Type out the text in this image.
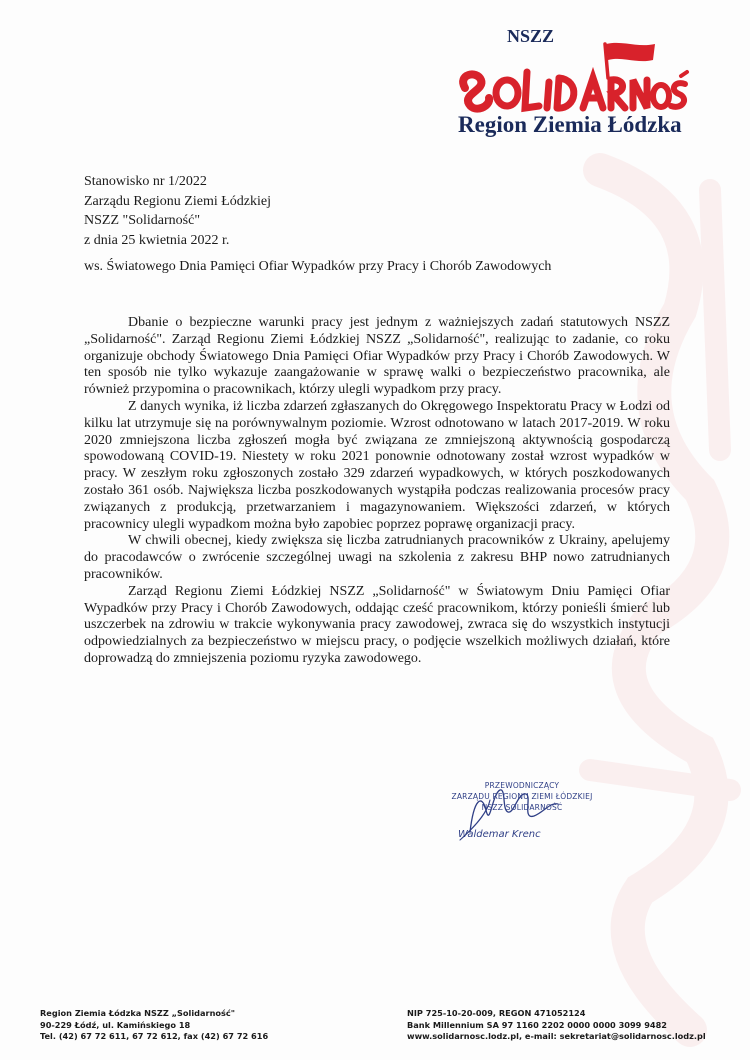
NSZZ
Region Ziemia Łódzka
Stanowisko nr 1/2022
Zarządu Regionu Ziemi Łódzkiej
NSZZ "Solidarność"
z dnia 25 kwietnia 2022 r.
ws. Światowego Dnia Pamięci Ofiar Wypadków przy Pracy i Chorób Zawodowych

Dbanie o bezpieczne warunki pracy jest jednym z ważniejszych zadań statutowych NSZZ „Solidarność". Zarząd Regionu Ziemi Łódzkiej NSZZ „Solidarność", realizując to zadanie, co roku organizuje obchody Światowego Dnia Pamięci Ofiar Wypadków przy Pracy i Chorób Zawodowych. W ten sposób nie tylko wykazuje zaangażowanie w sprawę walki o bezpieczeństwo pracownika, ale również przypomina o pracownikach, którzy ulegli wypadkom przy pracy.

Z danych wynika, iż liczba zdarzeń zgłaszanych do Okręgowego Inspektoratu Pracy w Łodzi od kilku lat utrzymuje się na porównywalnym poziomie. Wzrost odnotowano w latach 2017-2019. W roku 2020 zmniejszona liczba zgłoszeń mogła być związana ze zmniejszoną aktywnością gospodarczą spowodowaną COVID-19. Niestety w roku 2021 ponownie odnotowany został wzrost wypadków w pracy. W zeszłym roku zgłoszonych zostało 329 zdarzeń wypadkowych, w których poszkodowanych zostało 361 osób. Największa liczba poszkodowanych wystąpiła podczas realizowania procesów pracy związanych z produkcją, przetwarzaniem i magazynowaniem. Większości zdarzeń, w których pracownicy ulegli wypadkom można było zapobiec poprzez poprawę organizacji pracy.

W chwili obecnej, kiedy zwiększa się liczba zatrudnianych pracowników z Ukrainy, apelujemy do pracodawców o zwrócenie szczególnej uwagi na szkolenia z zakresu BHP nowo zatrudnianych pracowników.

Zarząd Regionu Ziemi Łódzkiej NSZZ „Solidarność" w Światowym Dniu Pamięci Ofiar Wypadków przy Pracy i Chorób Zawodowych, oddając cześć pracownikom, którzy ponieśli śmierć lub uszczerbek na zdrowiu w trakcie wykonywania pracy zawodowej, zwraca się do wszystkich instytucji odpowiedzialnych za bezpieczeństwo w miejscu pracy, o podjęcie wszelkich możliwych działań, które doprowadzą do zmniejszenia poziomu ryzyka zawodowego.

PRZEWODNICZĄCY
ZARZĄDU REGIONU ZIEMI ŁÓDZKIEJ
NSZZ SOLIDARNOŚĆ
Waldemar Krenc
Region Ziemia Łódzka NSZZ „Solidarność"
90-229 Łódź, ul. Kamińskiego 18
Tel. (42) 67 72 611, 67 72 612, fax (42) 67 72 616
NIP 725-10-20-009, REGON 471052124
Bank Millennium SA 97 1160 2202 0000 0000 3099 9482
www.solidarnosc.lodz.pl, e-mail: sekretariat@solidarnosc.lodz.pl
